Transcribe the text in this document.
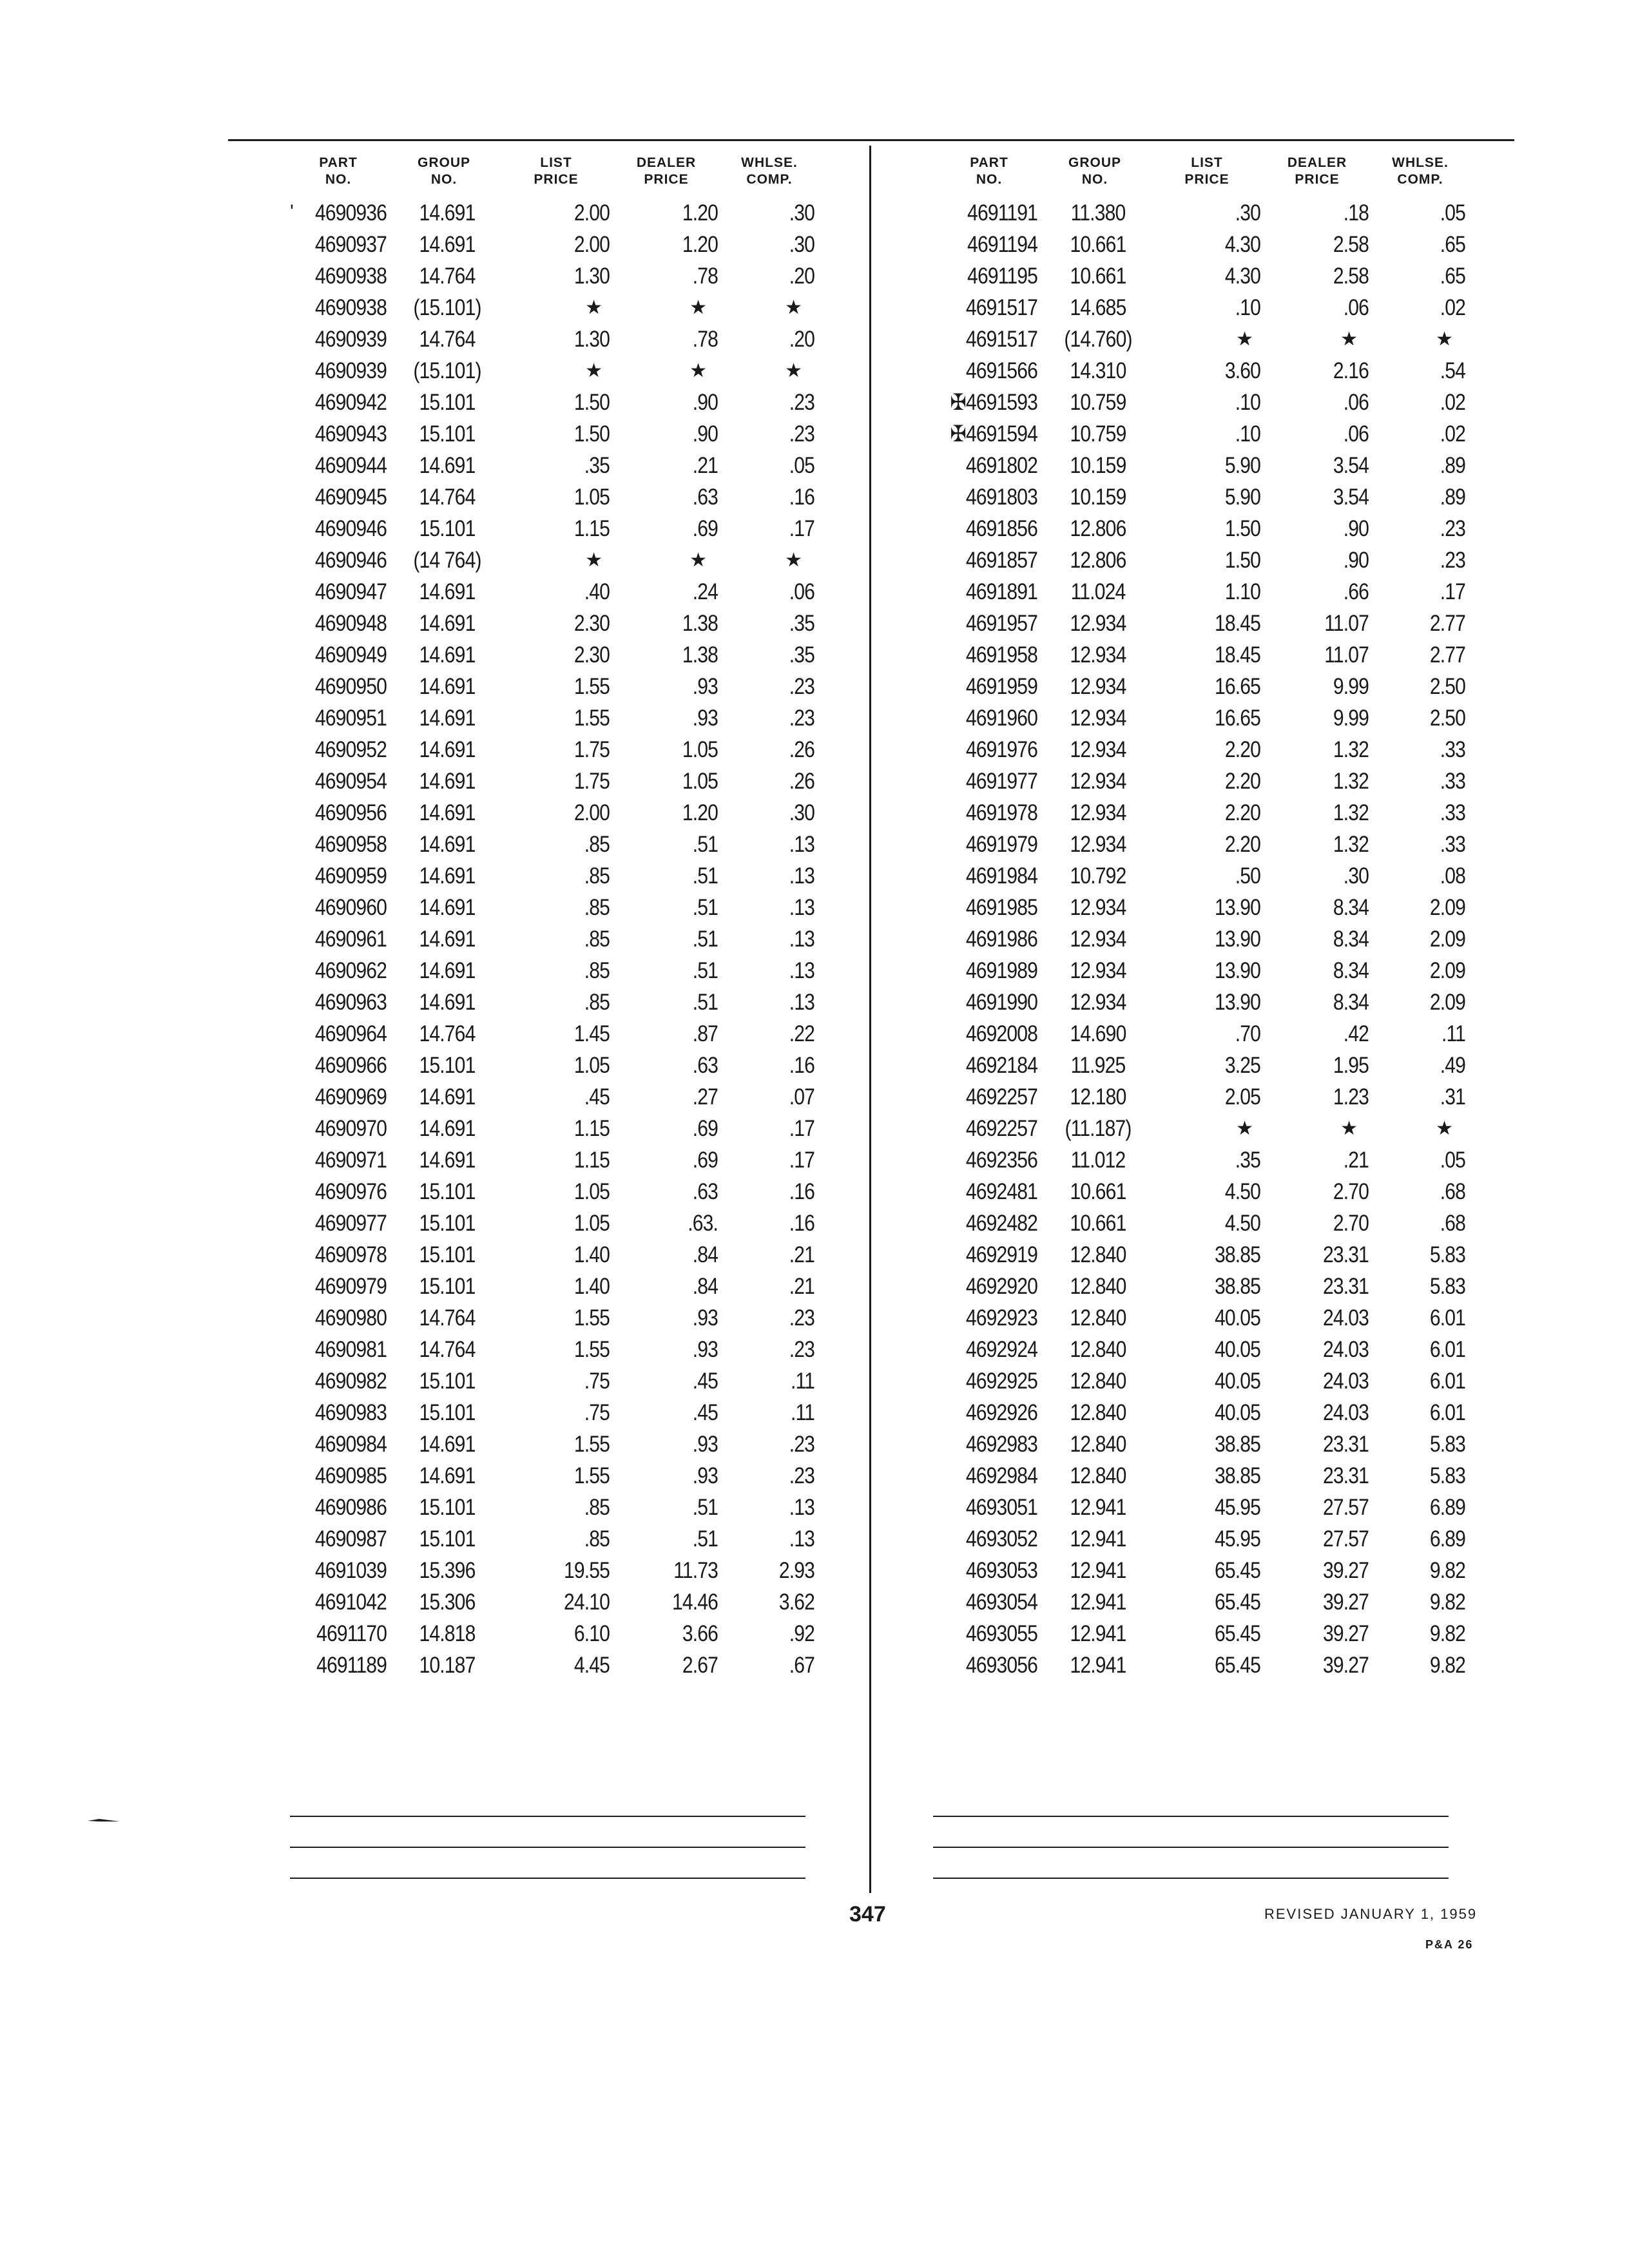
PART
NO.
GROUP
NO.
LIST
PRICE
DEALER
PRICE
WHLSE.
COMP.
4690936	14.691	2.00	1.20	.30
4690937	14.691	2.00	1.20	.30
4690938	14.764	1.30	.78	.20
4690938	(15.101)	★	★	★
4690939	14.764	1.30	.78	.20
4690939	(15.101)	★	★	★
4690942	15.101	1.50	.90	.23
4690943	15.101	1.50	.90	.23
4690944	14.691	.35	.21	.05
4690945	14.764	1.05	.63	.16
4690946	15.101	1.15	.69	.17
4690946	(14 764)	★	★	★
4690947	14.691	.40	.24	.06
4690948	14.691	2.30	1.38	.35
4690949	14.691	2.30	1.38	.35
4690950	14.691	1.55	.93	.23
4690951	14.691	1.55	.93	.23
4690952	14.691	1.75	1.05	.26
4690954	14.691	1.75	1.05	.26
4690956	14.691	2.00	1.20	.30
4690958	14.691	.85	.51	.13
4690959	14.691	.85	.51	.13
4690960	14.691	.85	.51	.13
4690961	14.691	.85	.51	.13
4690962	14.691	.85	.51	.13
4690963	14.691	.85	.51	.13
4690964	14.764	1.45	.87	.22
4690966	15.101	1.05	.63	.16
4690969	14.691	.45	.27	.07
4690970	14.691	1.15	.69	.17
4690971	14.691	1.15	.69	.17
4690976	15.101	1.05	.63	.16
4690977	15.101	1.05	.63.	.16
4690978	15.101	1.40	.84	.21
4690979	15.101	1.40	.84	.21
4690980	14.764	1.55	.93	.23
4690981	14.764	1.55	.93	.23
4690982	15.101	.75	.45	.11
4690983	15.101	.75	.45	.11
4690984	14.691	1.55	.93	.23
4690985	14.691	1.55	.93	.23
4690986	15.101	.85	.51	.13
4690987	15.101	.85	.51	.13
4691039	15.396	19.55	11.73	2.93
4691042	15.306	24.10	14.46	3.62
4691170	14.818	6.10	3.66	.92
4691189	10.187	4.45	2.67	.67
PART
NO.
GROUP
NO.
LIST
PRICE
DEALER
PRICE
WHLSE.
COMP.
4691191	11.380	.30	.18	.05
4691194	10.661	4.30	2.58	.65
4691195	10.661	4.30	2.58	.65
4691517	14.685	.10	.06	.02
4691517	(14.760)	★	★	★
4691566	14.310	3.60	2.16	.54
✠4691593	10.759	.10	.06	.02
✠4691594	10.759	.10	.06	.02
4691802	10.159	5.90	3.54	.89
4691803	10.159	5.90	3.54	.89
4691856	12.806	1.50	.90	.23
4691857	12.806	1.50	.90	.23
4691891	11.024	1.10	.66	.17
4691957	12.934	18.45	11.07	2.77
4691958	12.934	18.45	11.07	2.77
4691959	12.934	16.65	9.99	2.50
4691960	12.934	16.65	9.99	2.50
4691976	12.934	2.20	1.32	.33
4691977	12.934	2.20	1.32	.33
4691978	12.934	2.20	1.32	.33
4691979	12.934	2.20	1.32	.33
4691984	10.792	.50	.30	.08
4691985	12.934	13.90	8.34	2.09
4691986	12.934	13.90	8.34	2.09
4691989	12.934	13.90	8.34	2.09
4691990	12.934	13.90	8.34	2.09
4692008	14.690	.70	.42	.11
4692184	11.925	3.25	1.95	.49
4692257	12.180	2.05	1.23	.31
4692257	(11.187)	★	★	★
4692356	11.012	.35	.21	.05
4692481	10.661	4.50	2.70	.68
4692482	10.661	4.50	2.70	.68
4692919	12.840	38.85	23.31	5.83
4692920	12.840	38.85	23.31	5.83
4692923	12.840	40.05	24.03	6.01
4692924	12.840	40.05	24.03	6.01
4692925	12.840	40.05	24.03	6.01
4692926	12.840	40.05	24.03	6.01
4692983	12.840	38.85	23.31	5.83
4692984	12.840	38.85	23.31	5.83
4693051	12.941	45.95	27.57	6.89
4693052	12.941	45.95	27.57	6.89
4693053	12.941	65.45	39.27	9.82
4693054	12.941	65.45	39.27	9.82
4693055	12.941	65.45	39.27	9.82
4693056	12.941	65.45	39.27	9.82
'
347	REVISED JANUARY 1, 1959
P&A 26
